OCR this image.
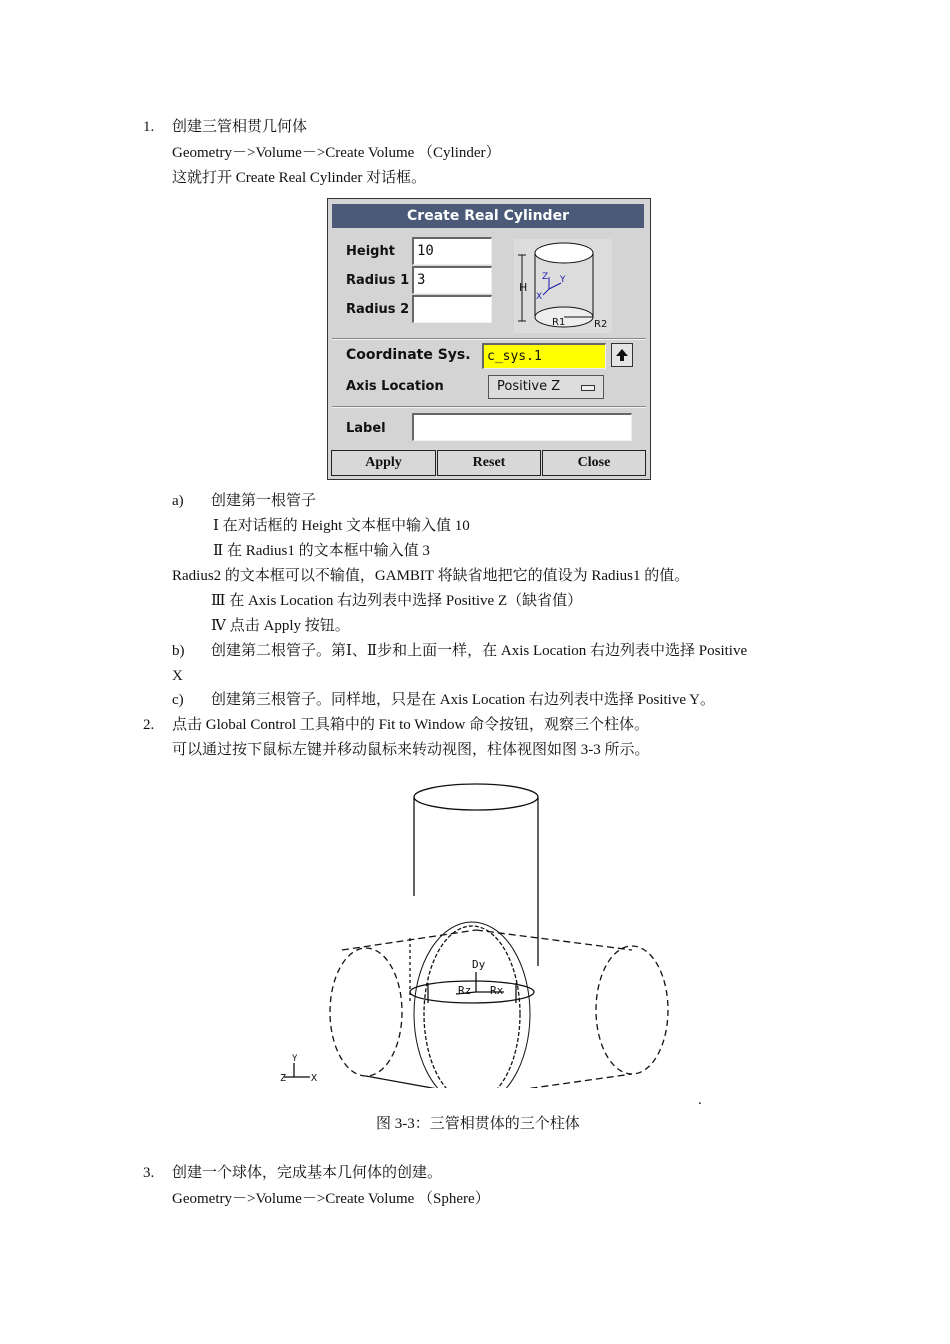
1. 创建三管相贯几何体
Geometry－>Volume－>Create Volume （Cylinder）
这就打开 Create Real Cylinder 对话框。
Create Real Cylinder
Height	10
Radius 1 3
Radius 2
H
Z Y
X
R1	R2
Coordinate Sys.	c_sys.1
Axis Location	Positive Z
Label
Apply	Reset	Close
a) 创建第一根管子
Ⅰ 在对话框的 Height 文本框中输入值 10
Ⅱ 在 Radius1 的文本框中输入值 3
Radius2 的文本框可以不输值，GAMBIT 将缺省地把它的值设为 Radius1 的值。
Ⅲ 在 Axis Location 右边列表中选择 Positive Z（缺省值）
Ⅳ 点击 Apply 按钮。
b) 创建第二根管子。第Ⅰ、Ⅱ步和上面一样，在 Axis Location 右边列表中选择 Positive
X
c) 创建第三根管子。同样地，只是在 Axis Location 右边列表中选择 Positive Y。
2. 点击 Global Control 工具箱中的 Fit to Window 命令按钮，观察三个柱体。
可以通过按下鼠标左键并移动鼠标来转动视图，柱体视图如图 3-3 所示。
Dy
Rz Rx
Y
Z X
.
图 3-3：三管相贯体的三个柱体
3. 创建一个球体，完成基本几何体的创建。
Geometry－>Volume－>Create Volume （Sphere）
